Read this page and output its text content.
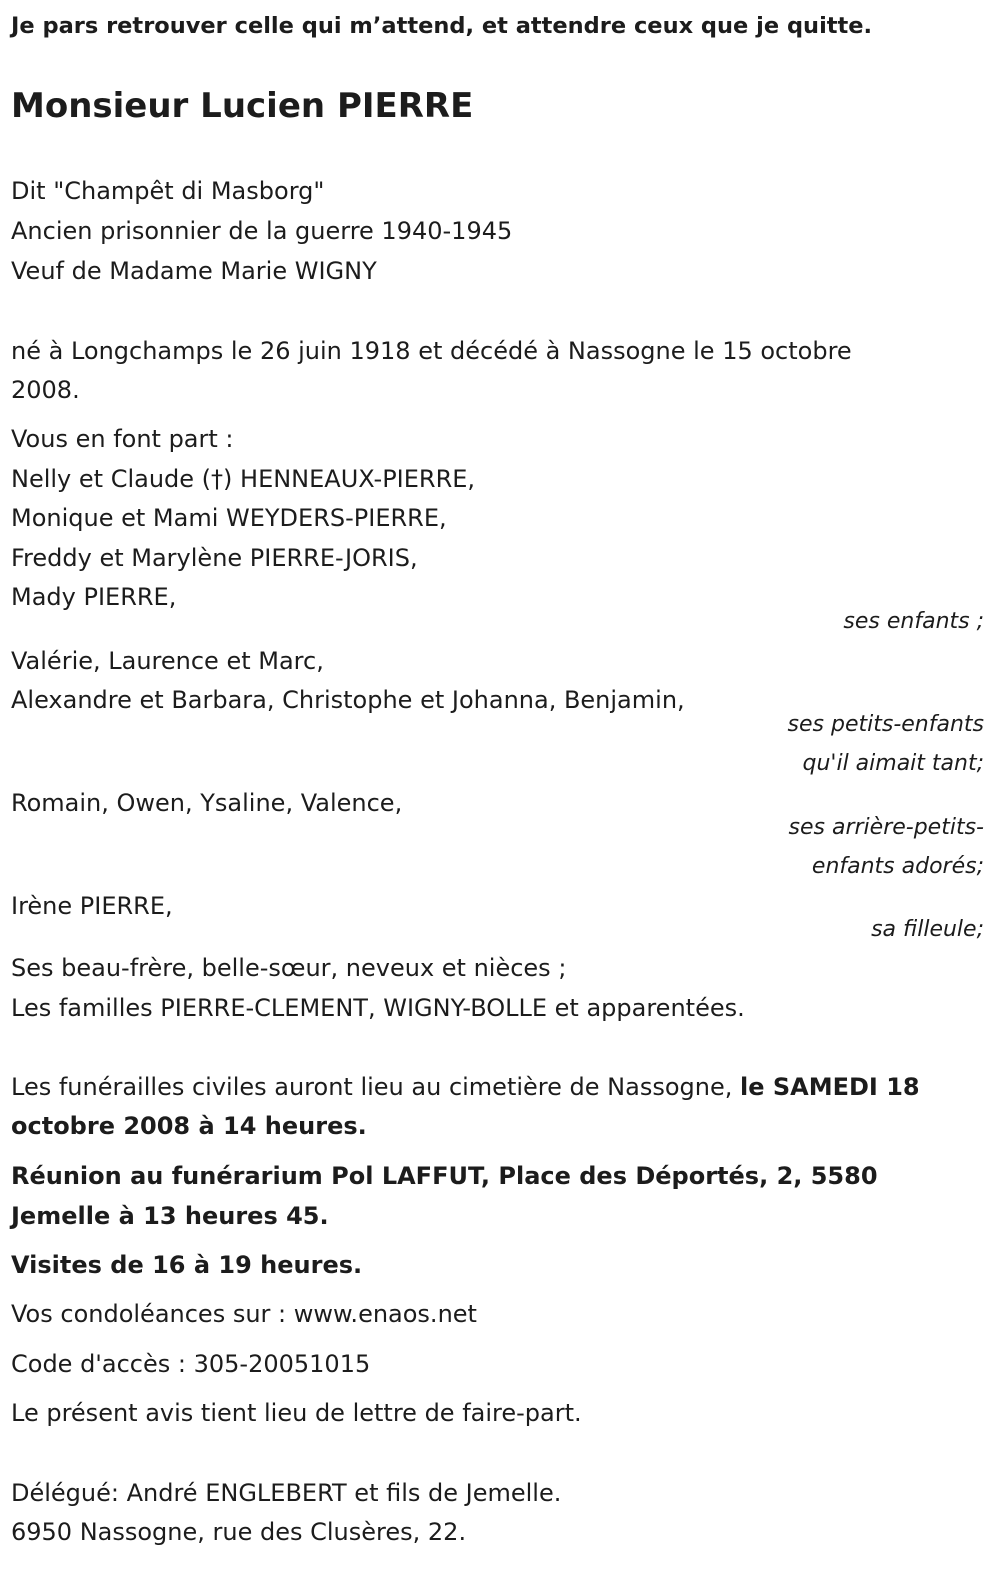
Je pars retrouver celle qui m’attend, et attendre ceux que je quitte.
Monsieur Lucien PIERRE
Dit "Champêt di Masborg"
Ancien prisonnier de la guerre 1940-1945
Veuf de Madame Marie WIGNY
né à Longchamps le 26 juin 1918 et décédé à Nassogne le 15 octobre
2008.
Vous en font part :
Nelly et Claude (†) HENNEAUX-PIERRE,
Monique et Mami WEYDERS-PIERRE,
Freddy et Marylène PIERRE-JORIS,
Mady PIERRE,
ses enfants ;
Valérie, Laurence et Marc,
Alexandre et Barbara, Christophe et Johanna, Benjamin,
ses petits-enfants
qu'il aimait tant;
Romain, Owen, Ysaline, Valence,
ses arrière-petits-
enfants adorés;
Irène PIERRE,
sa filleule;
Ses beau-frère, belle-sœur, neveux et nièces ;
Les familles PIERRE-CLEMENT, WIGNY-BOLLE et apparentées.
Les funérailles civiles auront lieu au cimetière de Nassogne, le SAMEDI 18
octobre 2008 à 14 heures.
Réunion au funérarium Pol LAFFUT, Place des Déportés, 2, 5580
Jemelle à 13 heures 45.
Visites de 16 à 19 heures.
Vos condoléances sur : www.enaos.net
Code d'accès : 305-20051015
Le présent avis tient lieu de lettre de faire-part.
Délégué: André ENGLEBERT et fils de Jemelle.
6950 Nassogne, rue des Clusères, 22.
